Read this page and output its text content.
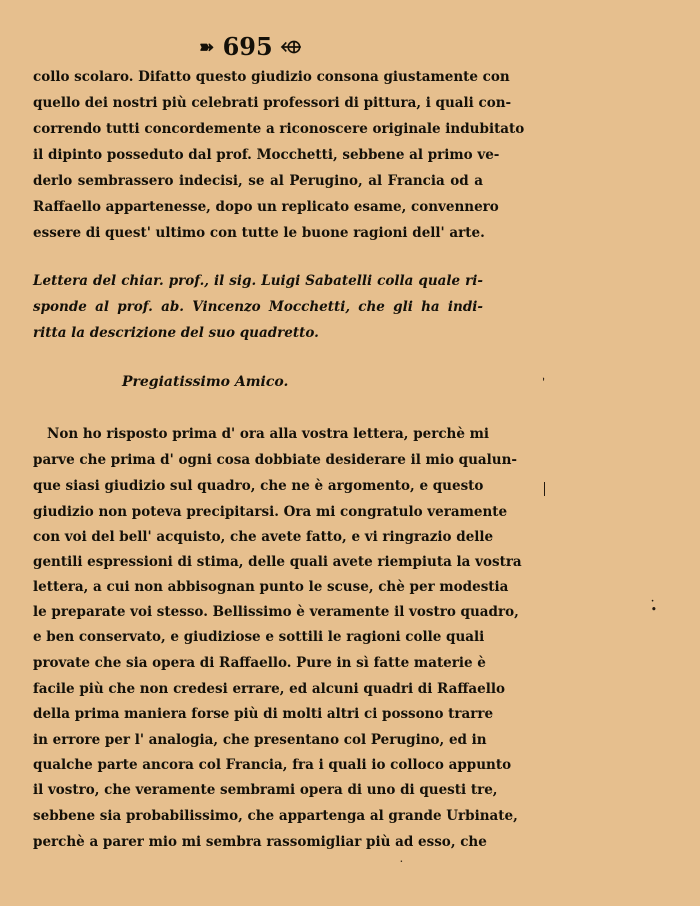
➽ 695 ⬲
collo scolaro. Difatto questo giudizio consona giustamente con
quello dei nostri più celebrati professori di pittura, i quali con-
correndo tutti concordemente a riconoscere originale indubitato
il dipinto posseduto dal prof. Mocchetti, sebbene al primo ve-
derlo sembrassero indecisi, se al Perugino, al Francia od a
Raffaello appartenesse, dopo un replicato esame, convennero
essere di quest' ultimo con tutte le buone ragioni dell' arte.
Lettera del chiar. prof., il sig. Luigi Sabatelli colla quale ri-
sponde al prof. ab. Vincenzo Mocchetti, che gli ha indi-
ritta la descrizione del suo quadretto.
Pregiatissimo Amico.
Non ho risposto prima d' ora alla vostra lettera, perchè mi
parve che prima d' ogni cosa dobbiate desiderare il mio qualun-
que siasi giudizio sul quadro, che ne è argomento, e questo
giudizio non poteva precipitarsi. Ora mi congratulo veramente
con voi del bell' acquisto, che avete fatto, e vi ringrazio delle
gentili espressioni di stima, delle quali avete riempiuta la vostra
lettera, a cui non abbisognan punto le scuse, chè per modestia
le preparate voi stesso. Bellissimo è veramente il vostro quadro,
e ben conservato, e giudiziose e sottili le ragioni colle quali
provate che sia opera di Raffaello. Pure in sì fatte materie è
facile più che non credesi errare, ed alcuni quadri di Raffaello
della prima maniera forse più di molti altri ci possono trarre
in errore per l' analogia, che presentano col Perugino, ed in
qualche parte ancora col Francia, fra i quali io colloco appunto
il vostro, che veramente sembrami opera di uno di questi tre,
sebbene sia probabilissimo, che appartenga al grande Urbinate,
perchè a parer mio mi sembra rassomigliar più ad esso, che
ˋ
·
•
·
